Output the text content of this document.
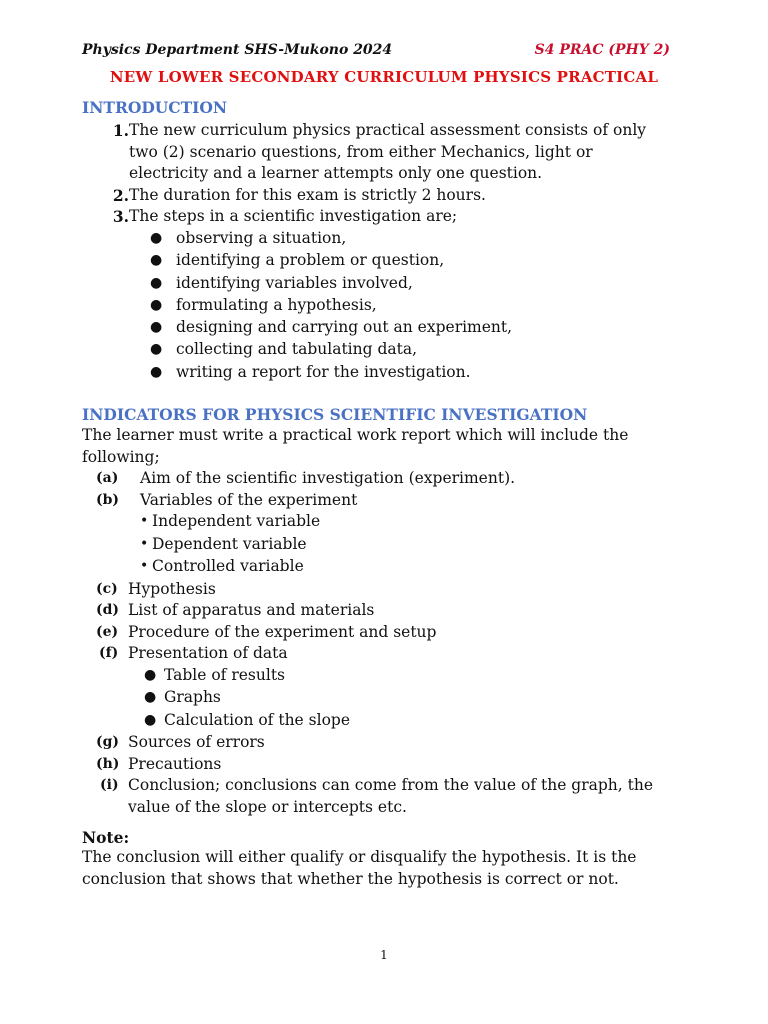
Physics Department SHS-Mukono 2024	S4 PRAC (PHY 2)
NEW LOWER SECONDARY CURRICULUM PHYSICS PRACTICAL
INTRODUCTION
1. The new curriculum physics practical assessment consists of only
two (2) scenario questions, from either Mechanics, light or
electricity and a learner attempts only one question.
2. The duration for this exam is strictly 2 hours.
3. The steps in a scientific investigation are;
● observing a situation,
● identifying a problem or question,
● identifying variables involved,
● formulating a hypothesis,
● designing and carrying out an experiment,
● collecting and tabulating data,
● writing a report for the investigation.
INDICATORS FOR PHYSICS SCIENTIFIC INVESTIGATION
The learner must write a practical work report which will include the
following;
(a)	Aim of the scientific investigation (experiment).
(b)	Variables of the experiment
• Independent variable
• Dependent variable
• Controlled variable
(c) Hypothesis
(d) List of apparatus and materials
(e) Procedure of the experiment and setup
(f) Presentation of data
● Table of results
● Graphs
● Calculation of the slope
(g) Sources of errors
(h) Precautions
(i) Conclusion; conclusions can come from the value of the graph, the
value of the slope or intercepts etc.
Note:
The conclusion will either qualify or disqualify the hypothesis. It is the
conclusion that shows that whether the hypothesis is correct or not.
1
